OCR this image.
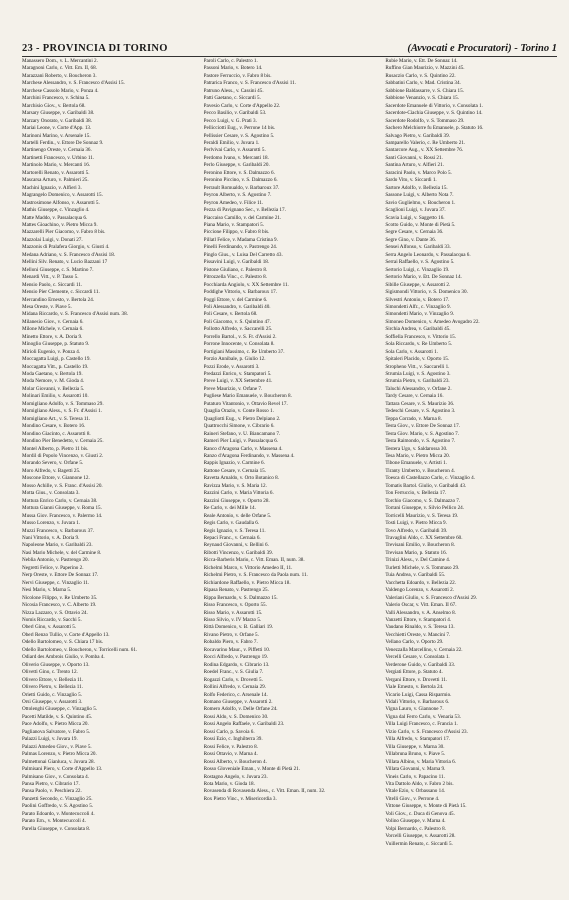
23 - PROVINCIA DI TORINO	(Avvocati e Procuratori) - Torino 1
Manassero Dom., v. L. Mercantini 2.
Maragnoni Carlo, c. Vitt. Em. II, 68.
Marazzani Roberto, v. Boucheron 3.
Marchese Alessandro, v. S. Francesco d'Assisi 15.
Marchese Cassolo Mario, v. Ponza 4.
Marchini Francesco, v. Schina 5.
Marchisio Giov., v. Bertola 68.
Marsary Giuseppe, v. Garibaldi 38.
Marzary Onorato, v. Garibaldi 38.
Mariai Leone, v. Corte d'App. 13.
Marinoni Marino, v. Arsenale 15.
Martelli Ferdin., v. Ettore De Sonnaz 9.
Martinengo Oreste, v. Cernaia 36.
Martinetti Francesco, v. Urbino 11.
Martinolo Mario, v. Mercanti 16.
Martorelli Renato, v. Assarotti 5.
Mascarsa Arturo, v. Palmieri 25.
Machini Ignazio, v. Alfieri 3.
Magrangelo Domenico, v. Assarotti 15.
Mastrosimone Alfonso, v. Assarotti 5.
Mathis Giuseppe, c. Vinzaglio 4.
Matte Maddo, v. Passalacqua 6.
Mattes Gioachino, v. Pietro Micca 9.
Mazzarelli Pier Giacomo, v. Fabro 8 bis.
Mazzolai Luigi, v. Donati 27.
Mazzonis di Pralafera Giorgio, v. Giusti 4.
Medana Adriano, v. S. Francesco d'Assisi 18.
Mellini Silv. Renato, v. Lucio Bazzani 17
Melloni Giuseppe, c. S. Martino 7.
Menardi Vitt., v. P. Tasso 5.
Mensio Paolo, c. Siccardi 11.
Mensio Pier Clemente, c. Siccardi 11.
Mercandino Ernesto, v. Bertola 24.
Mesa Oreste, v. Piave 5.
Midana Riccardo, v. S. Francesco d'Assisi num. 38.
Milanesio Giov., v. Cernaia 6.
Milone Michele, v. Cernaia 6.
Minetto Ettore, v. A. Doria 9.
Minoglio Giuseppe, p. Statuto 9.
Mirioli Eugenio, v. Ponza 4.
Moccagatta Luigi, p. Castello 19.
Moccagatta Vitt., p. Castello 19.
Moda Gaetano, v. Bertola 19.
Moda Nemore, v. M. Gioda 4.
Molar Giovanni, v. Bellezia 5.
Molinari Emilio, v. Assarotti 10.
Momigliano Adolfo, v. S. Tommaso 29.
Momigliano Aless., v. S. Fr. d'Assisi 1.
Momigliano Art., v. S. Teresa 11.
Mondino Cesare, v. Botero 16.
Mondino Giacinto, c. Assarotti 8.
Mondino Pier Benedetto, v. Cernaia 25.
Montel Alberto, p. Pietro 11 bis.
Mordil di Popolo Vincenzo, v. Giusti 2.
Morando Severo, v. Orfane 5.
Moro Alfredo, v. Bagetti 25.
Moscone Ettore, v. Giannone 12.
Mosso Achille, v. S. Franc. d'Assisi 20.
Motta Gius., v. Consolata 3.
Mottura Enrico Carlo, v. Cernaia 38.
Mottura Gianni Giuseppe, v. Roma 15.
Mussa Giov. Francesco, v. Palermo 14.
Musso Lorenzo, v. Juvara 1.
Muzzi Francesco, v. Barbaroux 37.
Nani Vittorio, v. A. Doria 9.
Napoleone Mario, v. Garibaldi 23.
Nasi Mario Michele, v. del Carmine 8.
Neblia Antonio, v. Pastrengo 20.
Negretti Felice, v. Paperino 2.
Nerp Oreste, v. Ettore De Sonnaz 17.
Nervi Giuseppe, c. Vinzaglio 11.
Nesi Mario, v. Marna 5.
Nicolone Filippo, v. Re Umberto 35.
Nicosia Francesco, v. C. Alberto 19.
Nizza Lazzaro, v. S. Ottavio 24.
Nomis Riccardo, v. Sacchi 5.
Oberl Gino, v. Assarotti 5.
Oberl Renzo Tullio, v. Corte d'Appello 13.
Odello Bartolomeo, v. S. Chiara 17 bis.
Odello Bartolomeo, v. Boucheron, v. Torricelli num. 61.
Odiard des Ambrois Giulio, v. Pomba 4.
Oliverio Giuseppe, v. Oporto 13.
Olivetti Gino, c. Trento 12.
Olivero Ettore, v. Bellezia 11.
Olivero Pietro, v. Bellezia 11.
Orietti Guido, c. Vinzaglio 5.
Orsi Giuseppe, v. Assarotti 3.
Ottolenghi Giuseppe, c. Vinzaglio 5.
Pacetti Matilde, v. S. Quintino 45.
Pace Adolfo, v. Pietro Micca 20.
Paglianova Salvatore, v. Fabro 5.
Palazzi Luigi, v. Juvara 19.
Palazzi Amedeo Giov., v. Piave 5.
Palmas Lorenzo, v. Pietro Micca 20.
Palmettonai Gianluca, v. Juvara 28.
Palmisani Piero, v. Corte d'Appello 13.
Palmisano Giov., v. Consolata 4.
Pansa Pietro, v. Cibrario 17.
Pansa Paolo, v. Peschiera 22.
Panzetti Secondo, c. Vinzaglio 25.
Paolini Goffredo, v. S. Agostino 5.
Parato Edoardo, v. Montecuccoli 4.
Parato Ern., v. Montecuccoli 4.
Parella Giuseppe, v. Consolata 8.
Paroli Carlo, c. Palestro 1.
Passoni Mario, v. Botero 14.
Pastore Ferruccio, v. Fabro 8 bis.
Patrarica Franco, v. S. Francesco d'Assisi 11.
Patruno Aless., v. Cassini 45.
Patti Gaetano, c. Siccardi 5.
Pavesio Carlo, v. Corte d'Appello 22.
Pecco Basilio, v. Garibaldi 53.
Pecco Luigi, v. G. Prati 3.
Pellicciotti Eug., v. Perrone 14 bis.
Pellissier Cesare, v. S. Agostino 5.
Peraldi Emilio, v. Juvara 1.
Perlvivai Carlo, v. Assarotti 5.
Perdomo Ivano, v. Mercanti 18.
Perlo Giuseppe, v. Garibaldi 20.
Peronino Ettore, v. S. Dalmazzo 6.
Peronino Piccino, v. S. Dalmazzo 6.
Perrault Romualdo, v. Barbaroux 37.
Peyron Alberto, v. S. Agostino 7.
Peyron Amedeo, v. Filice 11.
Pezza di Pavignano Sec., v. Bellezia 17.
Piaccaiso Camillo, v. del Carmine 21.
Piana Mario, v. Stampatori 5.
Piccione Filippo, v. Fabro 8 bis.
Pillatl Felice, v. Madama Cristina 9.
Pinelli Ferdinando, v. Pastrengo 24.
Pinglo Gius., v. Luisa Del Carretto 43.
Pissavini Luigi, v. Garibaldi 18.
Pistone Giuliano, c. Palestro 8.
Pitrozzella Vinc., c. Palestro 8.
Pocchiarda Angiolo, v. XX Settembre 11.
Poddighe Vittorio, v. Barbaroux 17.
Poggi Ettore, v. del Carmine 6.
Poli Alessandro, v. Garibaldi 40.
Poli Cesare, v. Bertola 68.
Poli Giacomo, v. S. Quintino 47.
Pollotto Alfredo, v. Saccarelli 25.
Porrello Bartol., v. S. Fr. d'Assisi 2.
Porrone Innocente, v. Consolata 8.
Portigiani Massimo, c. Re Umberto 37.
Porzio Annibale, p. Giulio 12.
Pozzi Erode, v. Assarotti 3.
Predazzi Enrico, v. Stampatori 5.
Preve Luigi, v. XX Settembre 41.
Preve Maurizio, v. Orfane 7.
Pugliese Mario Emanuele, v. Boucheron 8.
Putaturo Vitantonio, v. Ottavio Revel 17.
Quaglia Orazio, v. Conte Rosso 1.
Quagliotti Eug., v. Pietro Delpiano 2.
Quattrocchi Simone, v. Cibrario 6.
Raineri Stefano, v. U. Biancamano 7.
Rameri Pier Luigi, v. Passalacqua 6.
Ranco d'Aragona Carlo, v. Massena 4.
Ranzo d'Aragona Ferdinando, v. Massena 4.
Rappis Ignazio, v. Carmine 6.
Rattone Cesare, v. Cernaia 15.
Ravetta Arnaldo, v. Orto Botanico 8.
Ravizza Mario, v. S. Maria 12.
Razzini Carlo, v. Maria Vittoria 6.
Razzini Giuseppe, v. Oporto 28.
Re Carlo, v. dei Mille 14.
Reale Antonio, v. delle Orfane 5.
Regis Carlo, v. Gaudalla 6.
Regis Ignazio, v. S. Teresa 11.
Repaci Franc., v. Cernaia 6.
Reynaud Giovanni, v. Bellini 6.
Ribotti Vincenzo, v. Garibaldi 39.
Ricca-Barberis Mario, c. Vitt. Eman. II, num. 38.
Richelmi Marco, v. Vittorio Amedeo II, 11.
Richelmi Pietro, v. S. Francesco da Paola num. 11.
Richiardone Raffaello, v. Pietro Micca 18.
Ripasa Renato, v. Pastrengo 25.
Rippa Bernardo, v. S. Dalmazzo 15.
Risso Francesco, v. Oporto 55.
Risso Mario, v. Assarotti 15.
Risso Silvio, v. IV Marzo 5.
Rittà Domenico, v. B. Galliari 19.
Rivano Pietro, v. Orfane 5.
Robaldo Piero, v. Fabro 7.
Rocavarino Maur., v. Piffetti 10.
Rocci Alfredo, v. Pastrengo 19.
Rodina Edgardo, v. Cibrario 13.
Roedel Franc., v. S. Giulia 7.
Rogazzi Carlo, v. Drovetti 5.
Rollini Alfredo, v. Cernaia 29.
Rolfo Federico, c. Arsenale 14.
Romano Giuseppe, v. Assarotti 2.
Romero Adolfo, v. Delle Orfane 24.
Rossi Aldo, v. S. Domenico 30.
Rossi Angelo Raffaele, v. Garibaldi 23.
Rossi Carlo, p. Savoia 6.
Rossi Ezio, c. Inghilterra 39.
Rossi Felice, v. Palestro 8.
Rossi Ottavio, v. Marna 4.
Rossi Alberto, v. Boucheron 4.
Rosso Gloveniale Eman., v. Monte di Pietà 21.
Rostagno Angelo, v. Juvara 23.
Rota Mario, v. Gioda 18.
Rovasenda di Rovasenda Aless., c. Vitt. Eman. II, num. 32.
Rox Pietro Vinc., v. Misericordia 3.
Rubie Mario, v. Ett. De Sonnaz 14.
Ruffino Gian Maurizio, v. Mazzini 45.
Rusaczio Carlo, v. S. Quintino 22.
Sabbatini Carlo, v. Mad. Cristina 34.
Sabbione Baldassarre, v. S. Chiara 15.
Sabbione Venanzio, v. S. Chiara 15.
Sacerdote Emanuele di Vittorio, v. Consolata 1.
Sacerdote-Ciachia Giuseppe, v. S. Quintino 14.
Sacerdote Rodolfo, v. S. Tommaso 29.
Sachero Melchiorre fu Emanuele, p. Statuto 16.
Salvago Pietro, v. Garibaldi 39.
Samparello Valerio, c. Re Umberto 21.
Santarcore Aug., v. XX Settembre 76.
Santi Giovanni, v. Rossi 21.
Santina Arturo, v. Alfieri 21.
Saracini Paolo, v. Marco Polo 5.
Sardo Vito, v. Siccardi 1.
Sartore Adolfo, v. Bellezia 15.
Sassone Luigi, v. Alberto Nota 7.
Savio Guglielmo, v. Boucheron 1.
Scaglioni Luigi, v. Juvara 37.
Scavia Luigi, v. Saggetto 16.
Scotto Guido, v. Monte di Pietà 5.
Segre Cesare, v. Cernaia 36.
Segre Gino, v. Dante 36.
Sensei Alfonso, v. Garibaldi 33.
Serra Angelo Leonardo, v. Passalacqua 6.
Serrai Raffaello, v. S. Agostino 5.
Sertorio Luigi, c. Vinzaglio 19.
Sertorio Mario, v. Ett. De Sonnaz 14.
Sibille Giuseppe, v. Assarotti 2.
Sigismondi Vittorio, v. S. Domenico 30.
Silvestri Antonio, v. Botero 17.
Simondetti Alfr., c. Vinzaglio 9.
Simondetti Mario, v. Vinzaglio 9.
Simoneo Domenico, v. Amedeo Avogadro 22.
Sirchia Andrea, v. Garibaldi 45.
Soffiella Francesco, v. Vittorio 15.
Sola Riccardo, v. Re Umberto 5.
Sola Carlo, v. Assarotti 1.
Spitaleri Placido, v. Oporto 15.
Stropheno Vitt., v. Saccarelli 1.
Strumia Luigi, v. S. Agostino 3.
Strumia Pietro, v. Garibaldi 23.
Taluchi Alessandro, v. Orfane 2.
Tardy Cesare, v. Cernaia 16.
Tattara Cesare, v. S. Maurizio 36.
Tedeschi Cesare, v. S. Agostino 3.
Teppa Corrado, v. Marna 8.
Testa Giov., v. Ettore De Sonnaz 17.
Testa Giov. Mario, v. S. Agostino 7.
Testa Raimondo, v. S. Agostino 7.
Testera Ugo, v. Saldarossa 30.
Tesa Mario, v. Pietro Micca 20.
Tibone Emanuele, v. Artisti 1.
Tiranty Umberto, v. Boucheron 4.
Toesca di Castellazzo Carlo, c. Vinzaglio 4.
Tomatis Bartol. Giulio, v. Garibaldi 43.
Ton Ferruccio, v. Bellezia 17.
Torchio Giacomo, v. S. Dalmazzo 7.
Torrani Giuseppe, v. Silvio Pellico 24.
Torricelli Maurizio, v. S. Teresa 19.
Tosti Luigi, v. Pietro Micca 9.
Tovo Alfredo, v. Garibaldi 39.
Travaglini Aldo, c. XX Settembre 60.
Trevisani Emilio, v. Boucheron 8.
Trevisan Mario, p. Statuto 16.
Trinizi Aless., v. Del Camine 4.
Turletti Michele, v. S. Tommaso 29.
Tuia Andrea, v. Garibaldi 55.
Vacchetta Edoardo, v. Bellezia 22.
Valdengo Lorenzo, v. Assarotti 2.
Valeriani Giulio, v. S. Francesco d'Assisi 29.
Valerio Oscar, v. Vitt. Eman. II 67.
Valli Alessandro, v. A. Anselmo 8.
Vanzetti Ettore, v. Stampatori 4.
Vaudano Rinaldo, v. S. Teresa 13.
Vecchietti Oreste, v. Mancini 7.
Vellano Carlo, v. Oporto 29.
Venezzalla Marcellino, v. Cernaia 22.
Vercelli Cesare, v. Consolata 1.
Verderone Guido, v. Garibaldi 33.
Vergiati Ettore, p. Statuto 4.
Vergani Ettore, v. Drovetti 11.
Viale Ernesto, v. Bertola 24.
Vicario Luigi, Cassa Risparmio.
Vidali Vittorio, v. Barbaroux 6.
Vigna Lauro, v. Giannone 7.
Vigna dal Ferro Carlo, v. Venaria 53.
Villa Luigi Francesco, c. Francia 1.
Vizio Carlo, v. S. Francesco d'Assisi 23.
Villa Alfredo, v. Stampatori 17.
Villa Giuseppe, v. Marna 30.
Villabruna Bruno, v. Piave 5.
Villata Albino, v. Maria Vittoria 6.
Villata Giovanni, v. Marna 9.
Vineis Carlo, v. Papacino 11.
Vita Dattolo Aldo, v. Fabro 2 bis.
Vitale Ezio, v. Orbassano 14.
Vitelli Giov., v. Perrone 4.
Vittone Giuseppe, v. Monte di Pietà 15.
Voli Giov., c. Duca di Genova 45.
Volino Giuseppe, v. Marna 4.
Volpi Bernardo, c. Palestro 8.
Vorcelli Giuseppe, v. Assarotti 28.
Vuillermin Renato, c. Siccardi 5.
